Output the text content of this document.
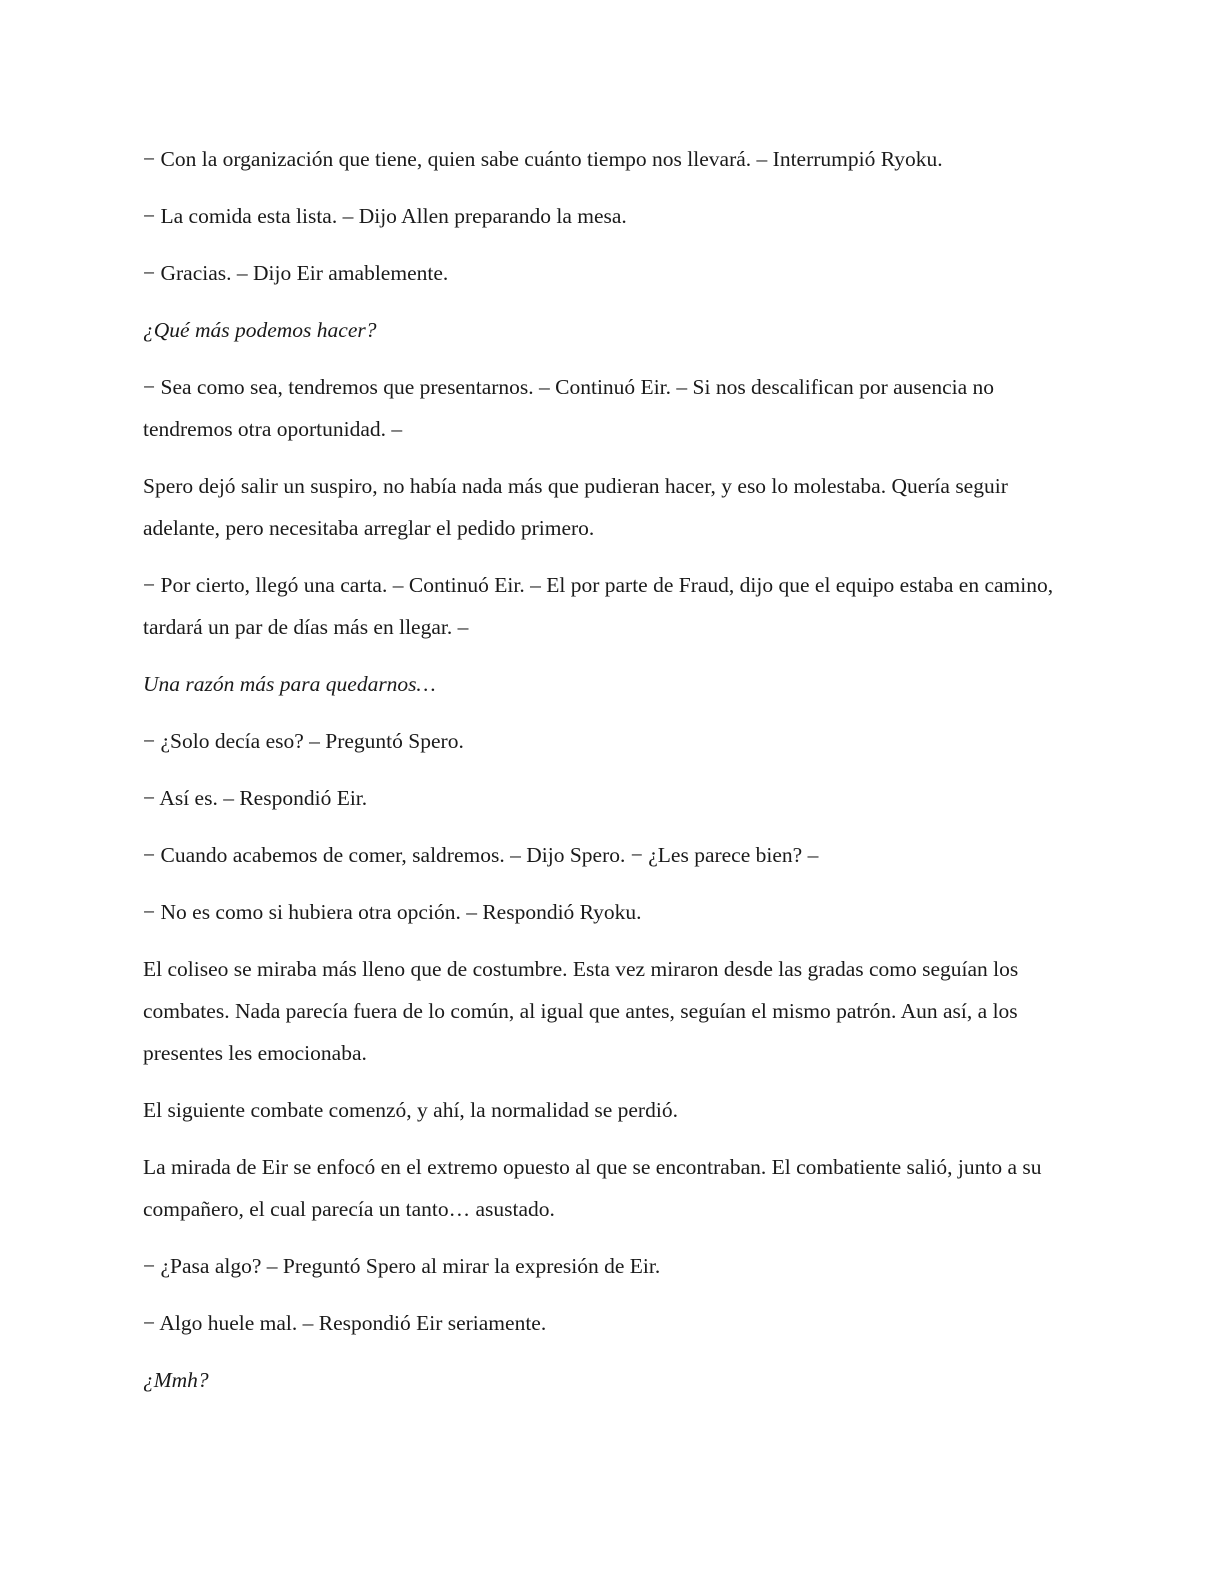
− Con la organización que tiene, quien sabe cuánto tiempo nos llevará. – Interrumpió Ryoku.

− La comida esta lista. – Dijo Allen preparando la mesa.

− Gracias. – Dijo Eir amablemente.

¿Qué más podemos hacer?

− Sea como sea, tendremos que presentarnos. – Continuó Eir. – Si nos descalifican por ausencia no tendremos otra oportunidad. –

Spero dejó salir un suspiro, no había nada más que pudieran hacer, y eso lo molestaba. Quería seguir adelante, pero necesitaba arreglar el pedido primero.

− Por cierto, llegó una carta. – Continuó Eir. – El por parte de Fraud, dijo que el equipo estaba en camino, tardará un par de días más en llegar. –

Una razón más para quedarnos…

− ¿Solo decía eso? – Preguntó Spero.

− Así es. – Respondió Eir.

− Cuando acabemos de comer, saldremos. – Dijo Spero. − ¿Les parece bien? –

− No es como si hubiera otra opción. – Respondió Ryoku.

El coliseo se miraba más lleno que de costumbre. Esta vez miraron desde las gradas como seguían los combates. Nada parecía fuera de lo común, al igual que antes, seguían el mismo patrón. Aun así, a los presentes les emocionaba.

El siguiente combate comenzó, y ahí, la normalidad se perdió.

La mirada de Eir se enfocó en el extremo opuesto al que se encontraban. El combatiente salió, junto a su compañero, el cual parecía un tanto… asustado.

− ¿Pasa algo? – Preguntó Spero al mirar la expresión de Eir.

− Algo huele mal. – Respondió Eir seriamente.

¿Mmh?
